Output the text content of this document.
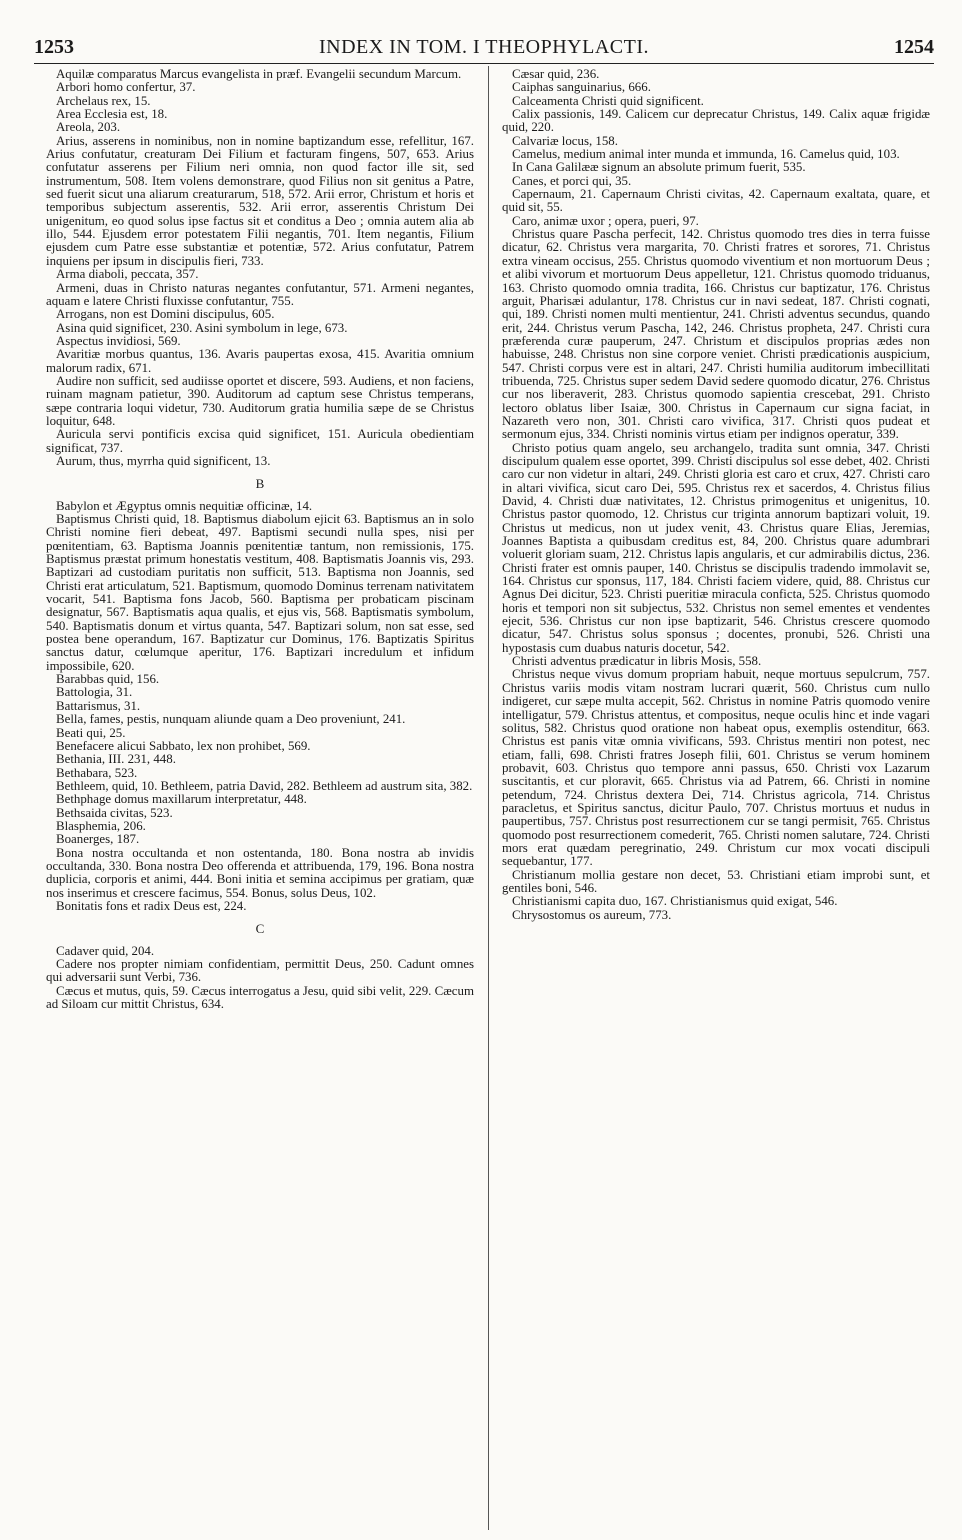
1253	INDEX IN TOM. I THEOPHYLACTI.	1254

Aquilæ comparatus Marcus evangelista in præf. Evangelii secundum Marcum.

Arbori homo confertur, 37.

Archelaus rex, 15.

Area Ecclesia est, 18.

Areola, 203.

Arius, asserens in nominibus, non in nomine baptizandum esse, refellitur, 167. Arius confutatur, creaturam Dei Filium et facturam fingens, 507, 653. Arius confutatur asserens per Filium neri omnia, non quod factor ille sit, sed instrumentum, 508. Item volens demonstrare, quod Filius non sit genitus a Patre, sed fuerit sicut una aliarum creaturarum, 518, 572. Arii error, Christum et horis et temporibus subjectum asserentis, 532. Arii error, asserentis Christum Dei unigenitum, eo quod solus ipse factus sit et conditus a Deo ; omnia autem alia ab illo, 544. Ejusdem error potestatem Filii negantis, 701. Item negantis, Filium ejusdem cum Patre esse substantiæ et potentiæ, 572. Arius confutatur, Patrem inquiens per ipsum in discipulis fieri, 733.

Arma diaboli, peccata, 357.

Armeni, duas in Christo naturas negantes confutantur, 571. Armeni negantes, aquam e latere Christi fluxisse confutantur, 755.

Arrogans, non est Domini discipulus, 605.

Asina quid significet, 230. Asini symbolum in lege, 673.

Aspectus invidiosi, 569.

Avaritiæ morbus quantus, 136. Avaris paupertas exosa, 415. Avaritia omnium malorum radix, 671.

Audire non sufficit, sed audiisse oportet et discere, 593. Audiens, et non faciens, ruinam magnam patietur, 390. Auditorum ad captum sese Christus temperans, sæpe contraria loqui videtur, 730. Auditorum gratia humilia sæpe de se Christus loquitur, 648.

Auricula servi pontificis excisa quid significet, 151. Auricula obedientiam significat, 737.

Aurum, thus, myrrha quid significent, 13.

B

Babylon et Ægyptus omnis nequitiæ officinæ, 14.

Baptismus Christi quid, 18. Baptismus diabolum ejicit 63. Baptismus an in solo Christi nomine fieri debeat, 497. Baptismi secundi nulla spes, nisi per pœnitentiam, 63. Baptisma Joannis pœnitentiæ tantum, non remissionis, 175. Baptismus præstat primum honestatis vestitum, 408. Baptismatis Joannis vis, 293. Baptizari ad custodiam puritatis non sufficit, 513. Baptisma non Joannis, sed Christi erat articulatum, 521. Baptismum, quomodo Dominus terrenam nativitatem vocarit, 541. Baptisma fons Jacob, 560. Baptisma per probaticam piscinam designatur, 567. Baptismatis aqua qualis, et ejus vis, 568. Baptismatis symbolum, 540. Baptismatis donum et virtus quanta, 547. Baptizari solum, non sat esse, sed postea bene operandum, 167. Baptizatur cur Dominus, 176. Baptizatis Spiritus sanctus datur, cœlumque aperitur, 176. Baptizari incredulum et infidum impossibile, 620.

Barabbas quid, 156.

Battologia, 31.

Battarismus, 31.

Bella, fames, pestis, nunquam aliunde quam a Deo proveniunt, 241.

Beati qui, 25.

Benefacere alicui Sabbato, lex non prohibet, 569.

Bethania, III. 231, 448.

Bethabara, 523.

Bethleem, quid, 10. Bethleem, patria David, 282. Bethleem ad austrum sita, 382.

Bethphage domus maxillarum interpretatur, 448.

Bethsaida civitas, 523.

Blasphemia, 206.

Boanerges, 187.

Bona nostra occultanda et non ostentanda, 180. Bona nostra ab invidis occultanda, 330. Bona nostra Deo offerenda et attribuenda, 179, 196. Bona nostra duplicia, corporis et animi, 444. Boni initia et semina accipimus per gratiam, quæ nos inserimus et crescere facimus, 554. Bonus, solus Deus, 102.

Bonitatis fons et radix Deus est, 224.

C

Cadaver quid, 204.

Cadere nos propter nimiam confidentiam, permittit Deus, 250. Cadunt omnes qui adversarii sunt Verbi, 736.

Cæcus et mutus, quis, 59. Cæcus interrogatus a Jesu, quid sibi velit, 229. Cæcum ad Siloam cur mittit Christus, 634.

Cæsar quid, 236.

Caiphas sanguinarius, 666.

Calceamenta Christi quid significent.

Calix passionis, 149. Calicem cur deprecatur Christus, 149. Calix aquæ frigidæ quid, 220.

Calvariæ locus, 158.

Camelus, medium animal inter munda et immunda, 16. Camelus quid, 103.

In Cana Galilææ signum an absolute primum fuerit, 535.

Canes, et porci qui, 35.

Capernaum, 21. Capernaum Christi civitas, 42. Capernaum exaltata, quare, et quid sit, 55.

Caro, animæ uxor ; opera, pueri, 97.

Christus quare Pascha perfecit, 142. Christus quomodo tres dies in terra fuisse dicatur, 62. Christus vera margarita, 70. Christi fratres et sorores, 71. Christus extra vineam occisus, 255. Christus quomodo viventium et non mortuorum Deus ; et alibi vivorum et mortuorum Deus appelletur, 121. Christus quomodo triduanus, 163. Christo quomodo omnia tradita, 166. Christus cur baptizatur, 176. Christus arguit, Pharisæi adulantur, 178. Christus cur in navi sedeat, 187. Christi cognati, qui, 189. Christi nomen multi mentientur, 241. Christi adventus secundus, quando erit, 244. Christus verum Pascha, 142, 246. Christus propheta, 247. Christi cura præferenda curæ pauperum, 247. Christum et discipulos proprias ædes non habuisse, 248. Christus non sine corpore veniet. Christi prædicationis auspicium, 547. Christi corpus vere est in altari, 247. Christi humilia auditorum imbecillitati tribuenda, 725. Christus super sedem David sedere quomodo dicatur, 276. Christus cur nos liberaverit, 283. Christus quomodo sapientia crescebat, 291. Christo lectoro oblatus liber Isaiæ, 300. Christus in Capernaum cur signa faciat, in Nazareth vero non, 301. Christi caro vivifica, 317. Christi quos pudeat et sermonum ejus, 334. Christi nominis virtus etiam per indignos operatur, 339.

Christo potius quam angelo, seu archangelo, tradita sunt omnia, 347. Christi discipulum qualem esse oportet, 399. Christi discipulus sol esse debet, 402. Christi caro cur non videtur in altari, 249. Christi gloria est caro et crux, 427. Christi caro in altari vivifica, sicut caro Dei, 595. Christus rex et sacerdos, 4. Christus filius David, 4. Christi duæ nativitates, 12. Christus primogenitus et unigenitus, 10. Christus pastor quomodo, 12. Christus cur triginta annorum baptizari voluit, 19. Christus ut medicus, non ut judex venit, 43. Christus quare Elias, Jeremias, Joannes Baptista a quibusdam creditus est, 84, 200. Christus quare adumbrari voluerit gloriam suam, 212. Christus lapis angularis, et cur admirabilis dictus, 236. Christi frater est omnis pauper, 140. Christus se discipulis tradendo immolavit se, 164. Christus cur sponsus, 117, 184. Christi faciem videre, quid, 88. Christus cur Agnus Dei dicitur, 523. Christi pueritiæ miracula conficta, 525. Christus quomodo horis et tempori non sit subjectus, 532. Christus non semel ementes et vendentes ejecit, 536. Christus cur non ipse baptizarit, 546. Christus crescere quomodo dicatur, 547. Christus solus sponsus ; docentes, pronubi, 526. Christi una hypostasis cum duabus naturis docetur, 542.

Christi adventus prædicatur in libris Mosis, 558.

Christus neque vivus domum propriam habuit, neque mortuus sepulcrum, 757. Christus variis modis vitam nostram lucrari quærit, 560. Christus cum nullo indigeret, cur sæpe multa accepit, 562. Christus in nomine Patris quomodo venire intelligatur, 579. Christus attentus, et compositus, neque oculis hinc et inde vagari solitus, 582. Christus quod oratione non habeat opus, exemplis ostenditur, 663. Christus est panis vitæ omnia vivificans, 593. Christus mentiri non potest, nec etiam, falli, 698. Christi fratres Joseph filii, 601. Christus se verum hominem probavit, 603. Christus quo tempore anni passus, 650. Christi vox Lazarum suscitantis, et cur ploravit, 665. Christus via ad Patrem, 66. Christi in nomine petendum, 724. Christus dextera Dei, 714. Christus agricola, 714. Christus paracletus, et Spiritus sanctus, dicitur Paulo, 707. Christus mortuus et nudus in paupertibus, 757. Christus post resurrectionem cur se tangi permisit, 765. Christus quomodo post resurrectionem comederit, 765. Christi nomen salutare, 724. Christi mors erat quædam peregrinatio, 249. Christum cur mox vocati discipuli sequebantur, 177.

Christianum mollia gestare non decet, 53. Christiani etiam improbi sunt, et gentiles boni, 546.

Christianismi capita duo, 167. Christianismus quid exigat, 546.

Chrysostomus os aureum, 773.
